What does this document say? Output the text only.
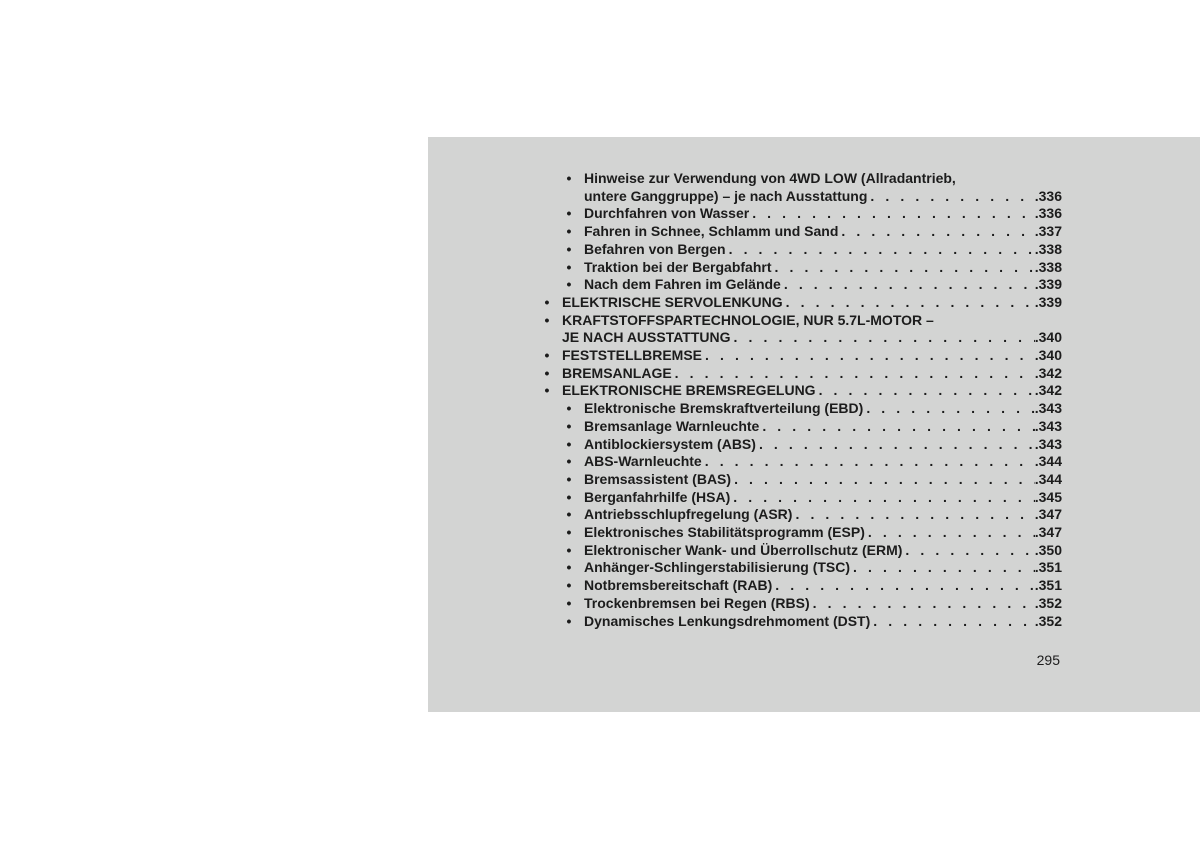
• Hinweise zur Verwendung von 4WD LOW (Allradantrieb,
untere Ganggruppe) – je nach Ausstattung . . .	.336
• Durchfahren von Wasser . . .	.336
• Fahren in Schnee, Schlamm und Sand . . .	.337
• Befahren von Bergen . . .	.338
• Traktion bei der Bergabfahrt . . .	.338
• Nach dem Fahren im Gelände . . .	.339
• ELEKTRISCHE SERVOLENKUNG . . .	.339
• KRAFTSTOFFSPARTECHNOLOGIE, NUR 5.7L-MOTOR –
JE NACH AUSSTATTUNG . . .	.340
• FESTSTELLBREMSE . . .	.340
• BREMSANLAGE . . .	.342
• ELEKTRONISCHE BREMSREGELUNG . . .	.342
• Elektronische Bremskraftverteilung (EBD) . . .	.343
• Bremsanlage Warnleuchte . . .	.343
• Antiblockiersystem (ABS) . . .	.343
• ABS-Warnleuchte . . .	.344
• Bremsassistent (BAS) . . .	.344
• Berganfahrhilfe (HSA) . . .	.345
• Antriebsschlupfregelung (ASR) . . .	.347
• Elektronisches Stabilitätsprogramm (ESP) . . .	.347
• Elektronischer Wank- und Überrollschutz (ERM) . . .	.350
• Anhänger-Schlingerstabilisierung (TSC) . . .	.351
• Notbremsbereitschaft (RAB) . . .	.351
• Trockenbremsen bei Regen (RBS) . . .	.352
• Dynamisches Lenkungsdrehmoment (DST) . . .	.352
295
